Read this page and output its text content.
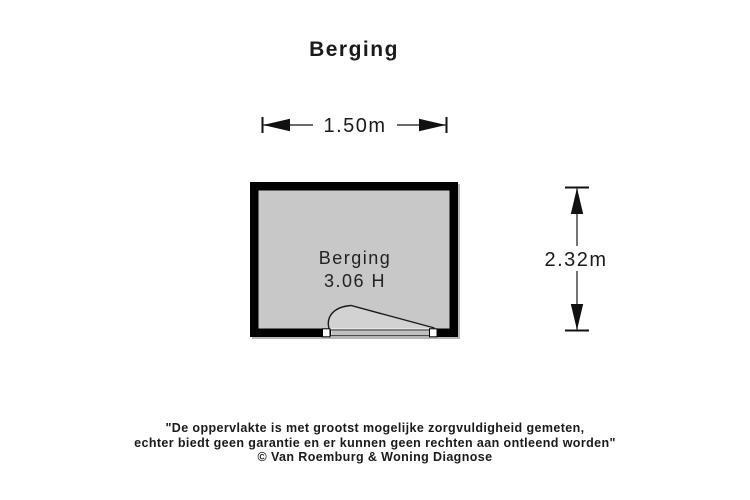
Berging
1.50m
Berging
3.06 H
2.32m
"De oppervlakte is met grootst mogelijke zorgvuldigheid gemeten,
echter biedt geen garantie en er kunnen geen rechten aan ontleend worden"
© Van Roemburg & Woning Diagnose
